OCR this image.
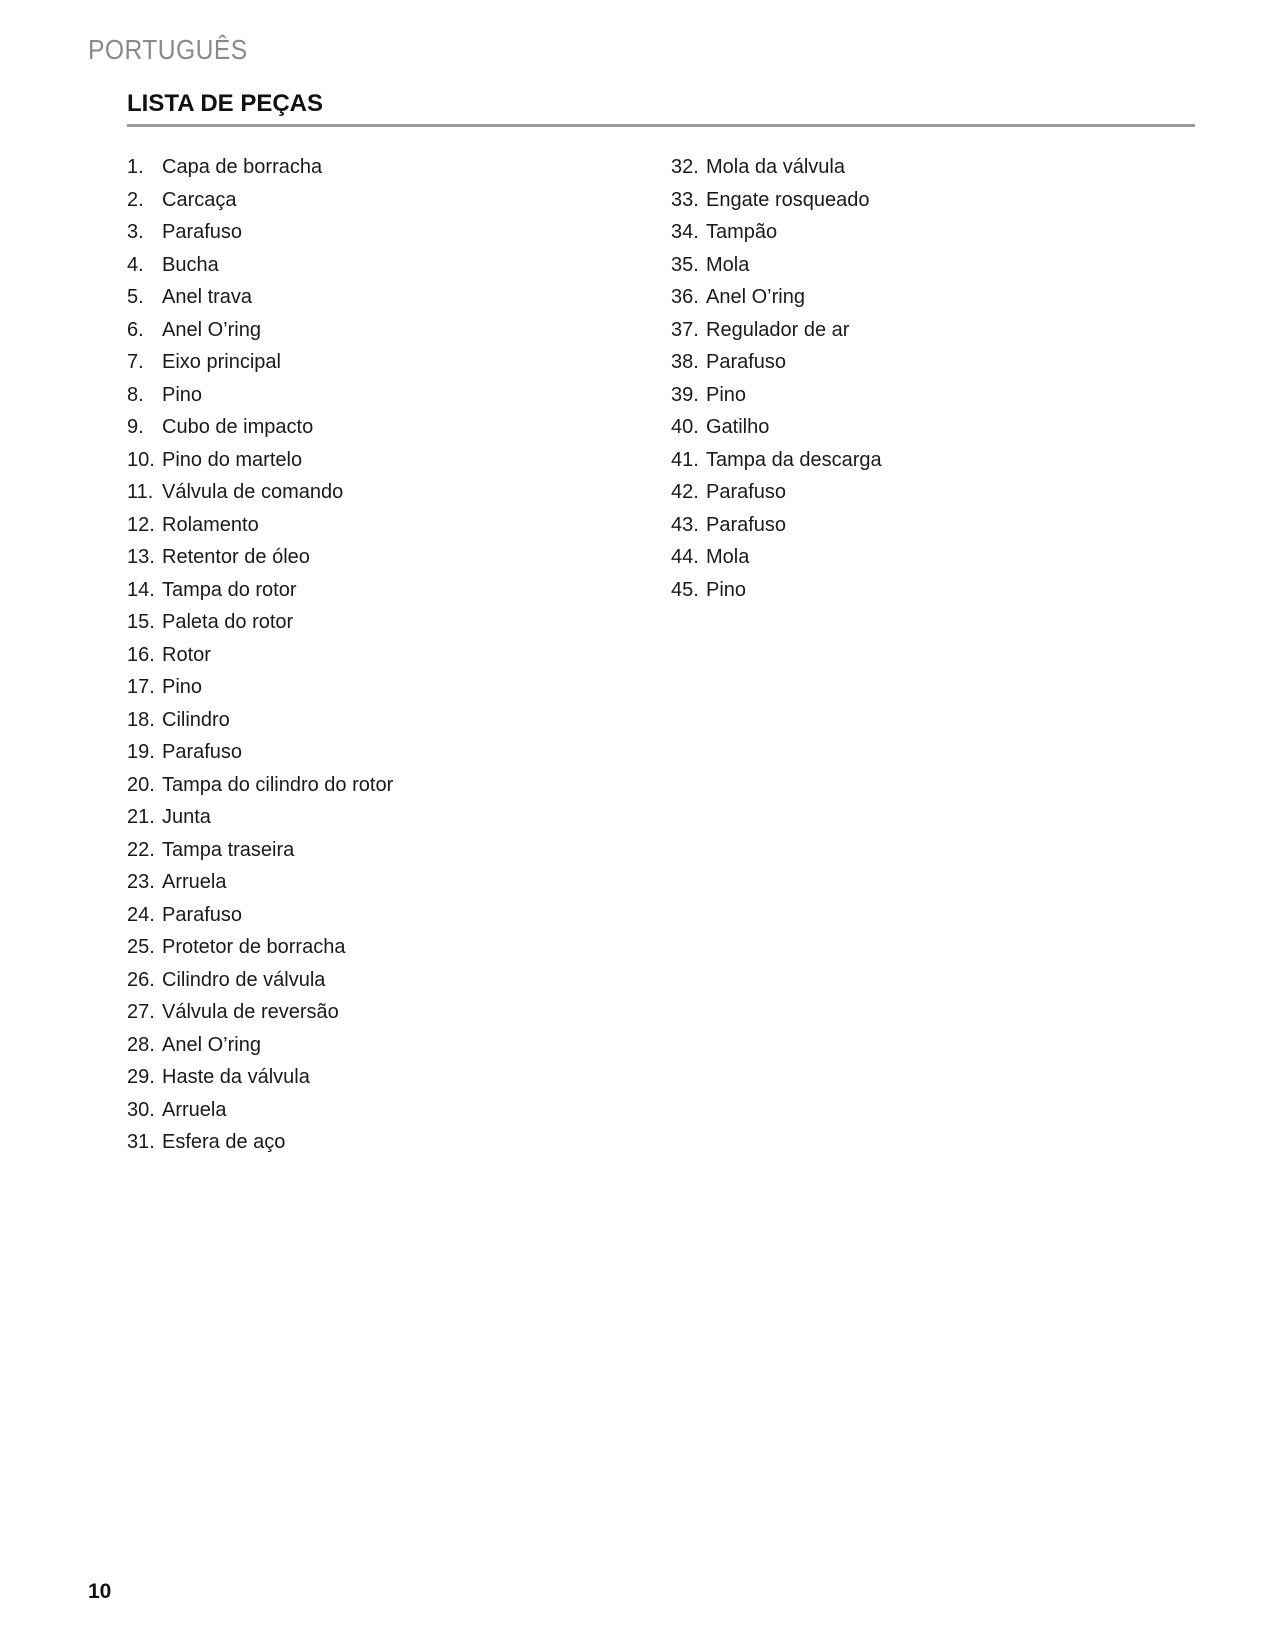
PORTUGUÊS
LISTA DE PEÇAS
1. Capa de borracha
2. Carcaça
3. Parafuso
4. Bucha
5. Anel trava
6. Anel O’ring
7. Eixo principal
8. Pino
9. Cubo de impacto
10. Pino do martelo
11. Válvula de comando
12. Rolamento
13. Retentor de óleo
14. Tampa do rotor
15. Paleta do rotor
16. Rotor
17. Pino
18. Cilindro
19. Parafuso
20. Tampa do cilindro do rotor
21. Junta
22. Tampa traseira
23. Arruela
24. Parafuso
25. Protetor de borracha
26. Cilindro de válvula
27. Válvula de reversão
28. Anel O’ring
29. Haste da válvula
30. Arruela
31. Esfera de aço
32. Mola da válvula
33. Engate rosqueado
34. Tampão
35. Mola
36. Anel O’ring
37. Regulador de ar
38. Parafuso
39. Pino
40. Gatilho
41. Tampa da descarga
42. Parafuso
43. Parafuso
44. Mola
45. Pino
10
